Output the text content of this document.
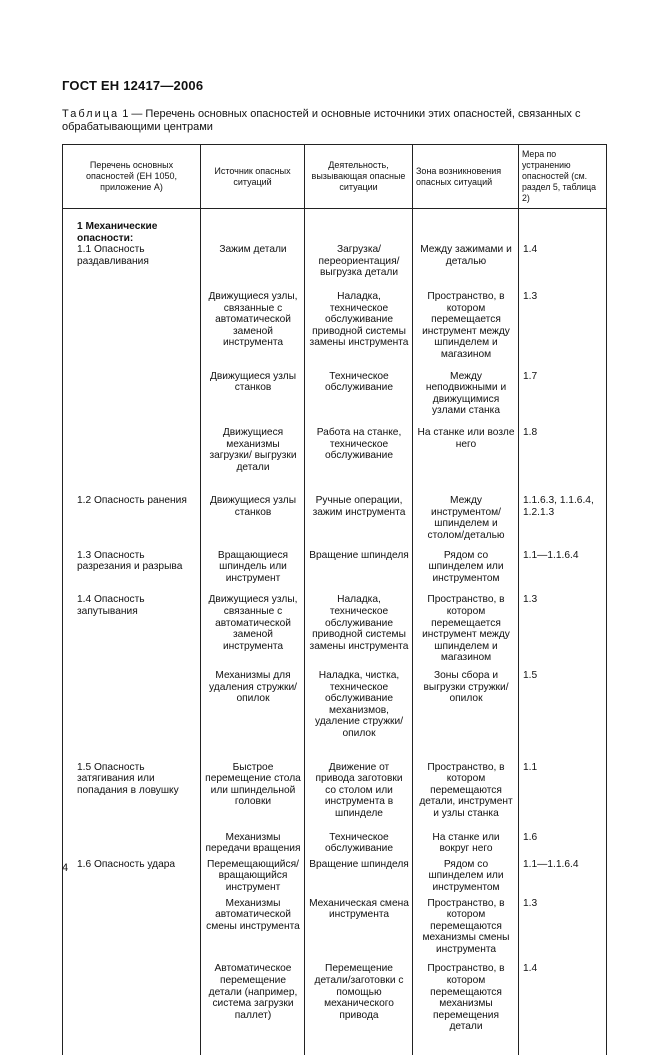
ГОСТ ЕН 12417—2006
Таблица 1 — Перечень основных опасностей и основные источники этих опасностей, связанных с обрабатывающими центрами
Перечень основных опасностей (ЕН 1050, приложение А)	Источник опасных ситуаций	Деятельность, вызывающая опасные ситуации	Зона возникновения опасных ситуаций	Мера по устранению опасностей (см. раздел 5, таблица 2)

1 Механические опасности:				

1.1 Опасность раздавливания	Зажим детали	Загрузка/переориентация/выгрузка детали	Между зажимами и деталью	1.4

	Движущиеся узлы, связанные с автоматической заменой инструмента	Наладка, техническое обслуживание приводной системы замены инструмента	Пространство, в котором перемещается инструмент между шпинделем и магазином	1.3

	Движущиеся узлы станков	Техническое обслуживание	Между неподвижными и движущимися узлами станка	1.7

	Движущиеся механизмы загрузки/ выгрузки детали	Работа на станке, техническое обслуживание	На станке или возле него	1.8

1.2 Опасность ранения	Движущиеся узлы станков	Ручные операции, зажим инструмента	Между инструментом/шпинделем и столом/деталью	1.1.6.3, 1.1.6.4, 1.2.1.3

1.3 Опасность разрезания и разрыва	Вращающиеся шпиндель или инструмент	Вращение шпинделя	Рядом со шпинделем или инструментом	1.1—1.1.6.4

1.4 Опасность запутывания	Движущиеся узлы, связанные с автоматической заменой инструмента	Наладка, техническое обслуживание приводной системы замены инструмента	Пространство, в котором перемещается инструмент между шпинделем и магазином	1.3

	Механизмы для удаления стружки/ опилок	Наладка, чистка, техническое обслуживание механизмов, удаление стружки/опилок	Зоны сбора и выгрузки стружки/ опилок	1.5

1.5 Опасность затягивания или попадания в ловушку	Быстрое перемещение стола или шпиндельной головки	Движение от привода заготовки со столом или инструмента в шпинделе	Пространство, в котором перемещаются детали, инструмент и узлы станка	1.1

	Механизмы передачи вращения	Техническое обслуживание	На станке или вокруг него	1.6

1.6 Опасность удара	Перемещающийся/вращающийся инструмент	Вращение шпинделя	Рядом со шпинделем или инструментом	1.1—1.1.6.4

	Механизмы автоматической смены инструмента	Механическая смена инструмента	Пространство, в котором перемещаются механизмы смены инструмента	1.3

	Автоматическое перемещение детали (например, система загрузки паллет)	Перемещение детали/заготовки с помощью механического привода	Пространство, в котором перемещаются механизмы перемещения детали	1.4
4
